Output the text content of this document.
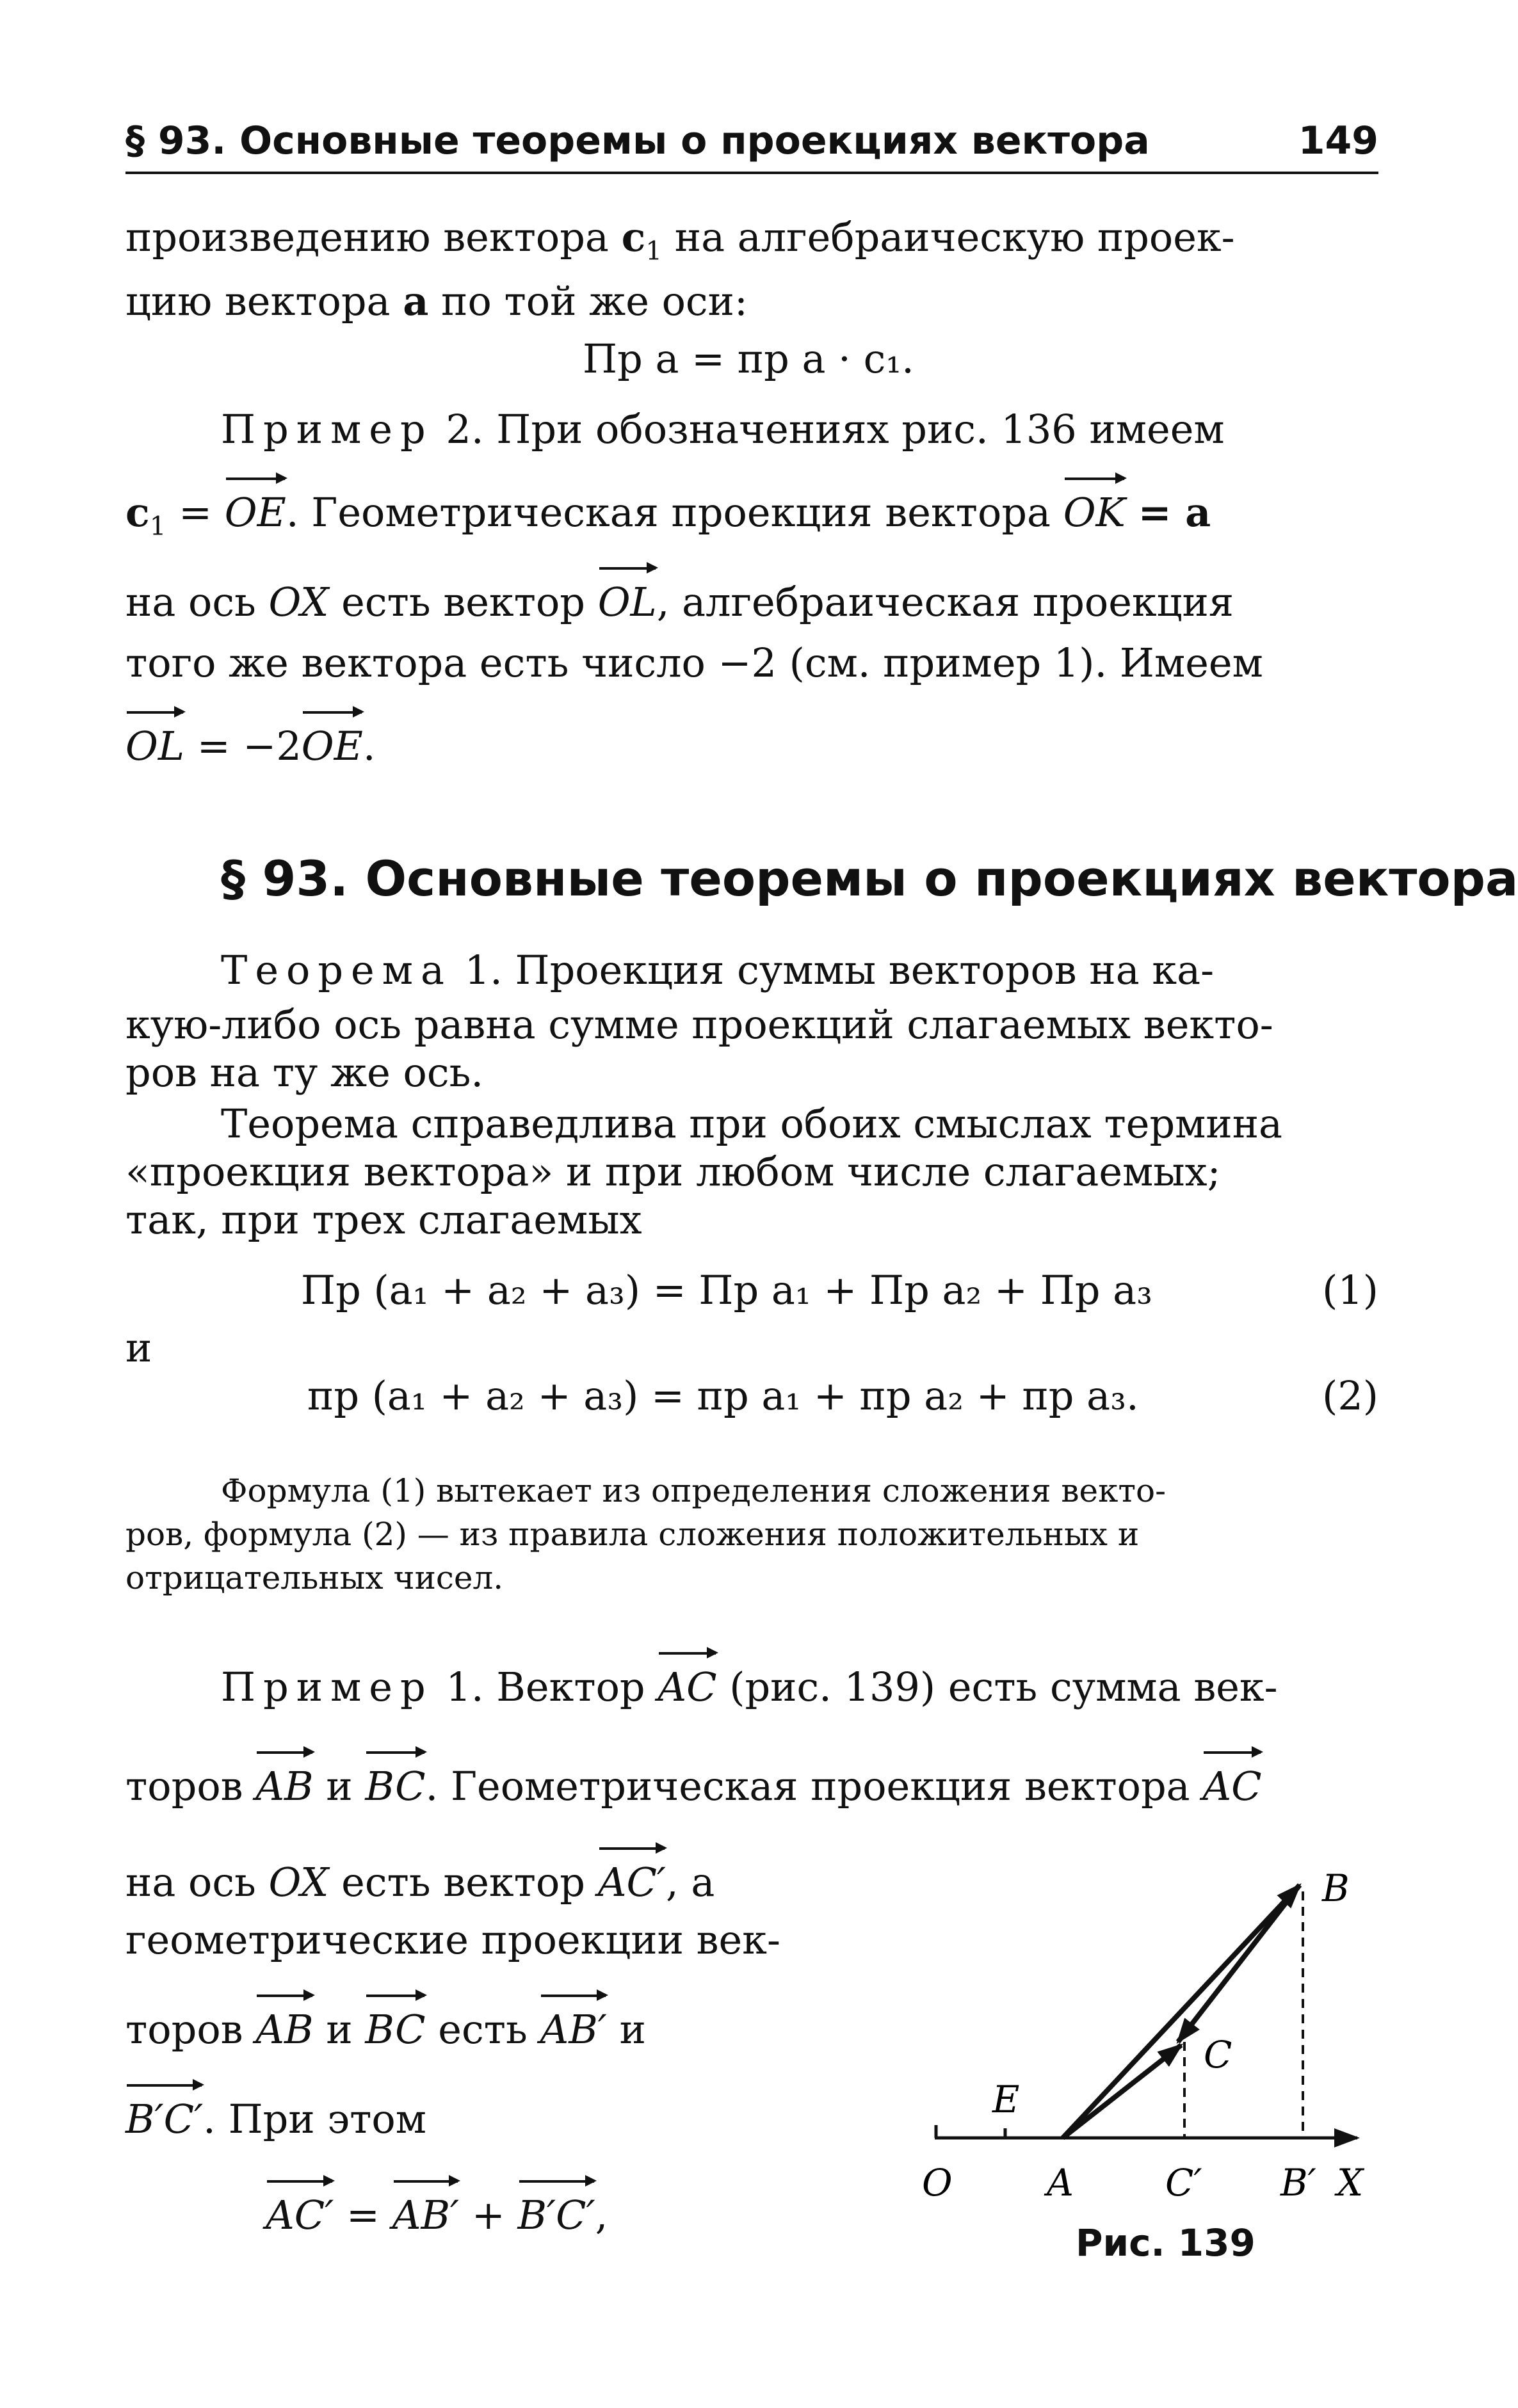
§ 93. Основные теоремы о проекциях вектора	149
произведению вектора $c_1$ на алгебраическую проек-
цию вектора a по той же оси:
Пр a = пр a · c₁.
Пример 2. При обозначениях рис. 136 имеем
$c_1$ = OE. Геометрическая проекция вектора OK = a
на ось OX есть вектор OL, алгебраическая проекция
того же вектора есть число −2 (см. пример 1). Имеем
OL = −2OE.
§ 93. Основные теоремы о проекциях вектора
Теорема 1. Проекция суммы векторов на ка-
кую-либо ось равна сумме проекций слагаемых векто-
ров на ту же ось.
Теорема справедлива при обоих смыслах термина
«проекция вектора» и при любом числе слагаемых;
так, при трех слагаемых
Пр (a₁ + a₂ + a₃) = Пр a₁ + Пр a₂ + Пр a₃	(1)
и
пр (a₁ + a₂ + a₃) = пр a₁ + пр a₂ + пр a₃.	(2)
Формула (1) вытекает из определения сложения векто-
ров, формула (2) — из правила сложения положительных и
отрицательных чисел.
Пример 1. Вектор AC (рис. 139) есть сумма век-
торов AB и BC. Геометрическая проекция вектора AC
на ось OX есть вектор AC′, а
геометрические проекции век-
торов AB и BC есть AB′ и
B′C′. При этом
AC′ = AB′ + B′C′,
O	A C′ B′ X
E
B
C
Рис. 139
